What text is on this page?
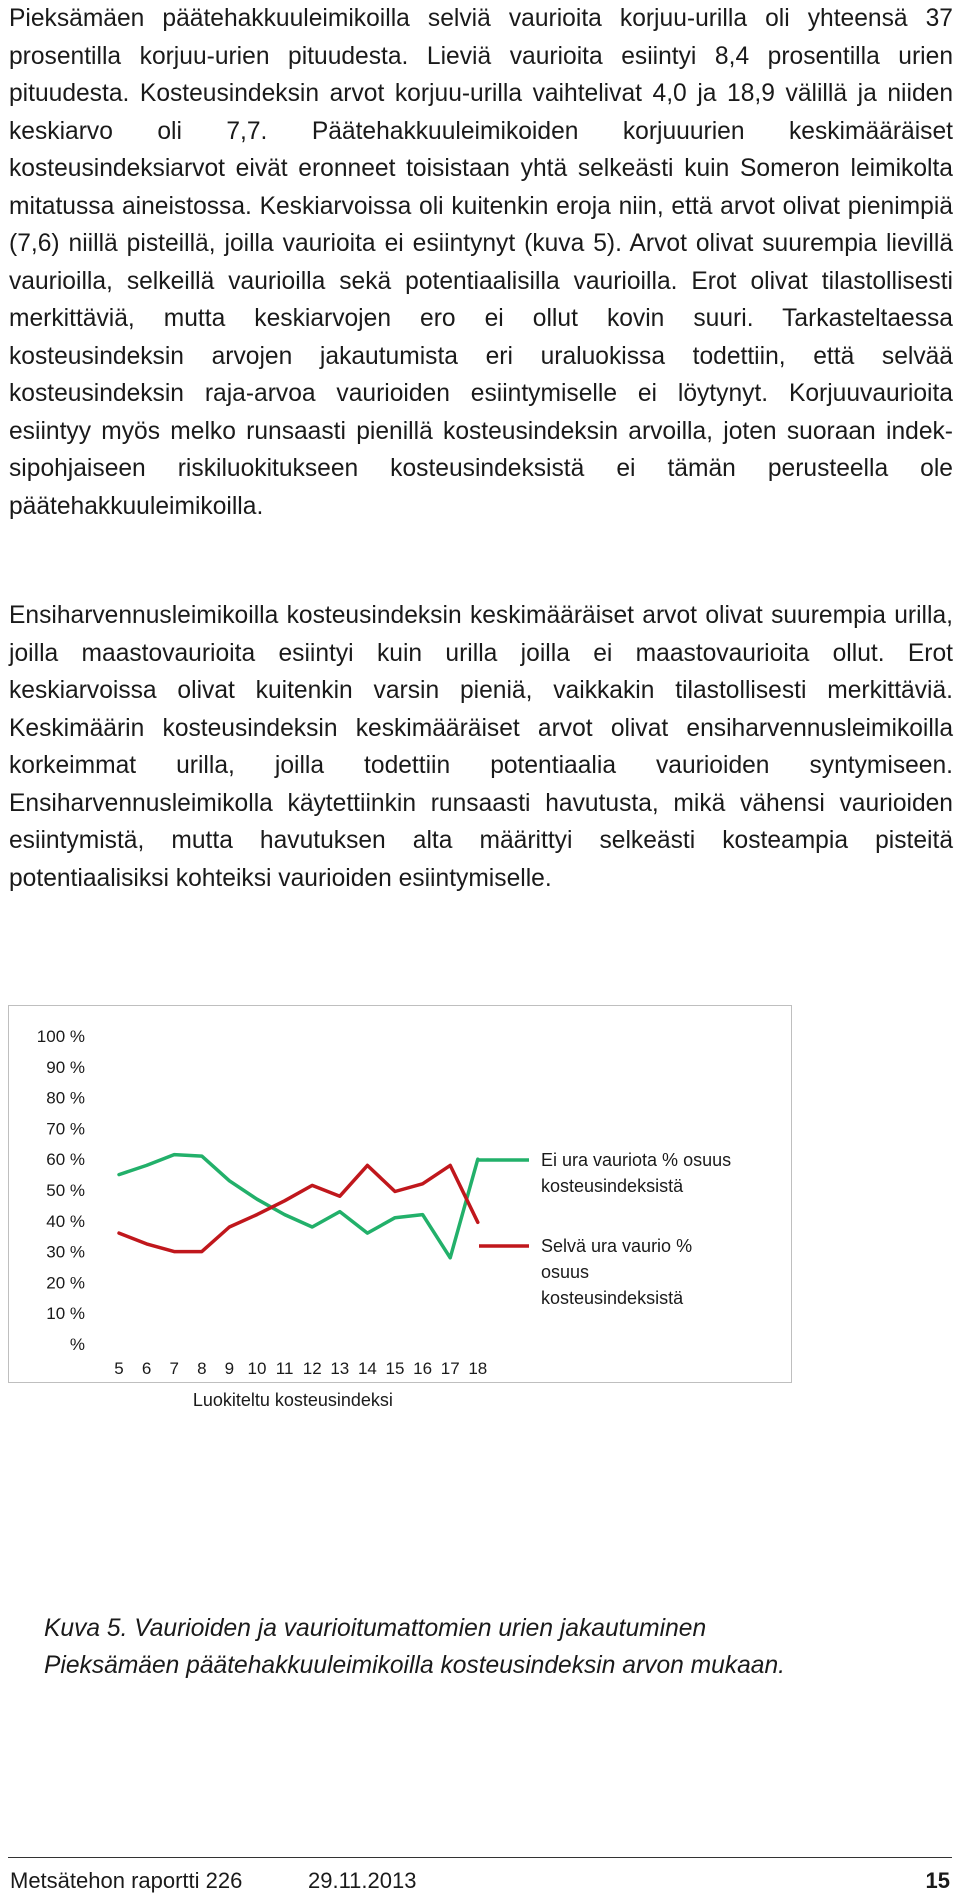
Pieksämäen päätehakkuuleimikoilla selviä vaurioita korjuu-urilla oli yhteensä 37 prosentilla korjuu-urien pituudesta. Lieviä vaurioita esiintyi 8,4 prosentilla urien pituudesta. Kosteusindeksin arvot korjuu-urilla vaihtelivat 4,0 ja 18,9 välillä ja niiden keskiarvo oli 7,7. Päätehakkuuleimikoiden korjuuurien keskimääräiset kosteusindeksiarvot eivät eronneet toisistaan yhtä selkeästi kuin Someron leimikolta mitatussa aineistossa. Keskiarvoissa oli kuitenkin eroja niin, että arvot olivat pienimpiä (7,6) niillä pisteillä, joilla vaurioita ei esiintynyt (kuva 5). Arvot olivat suurempia lievillä vaurioilla, selkeillä vaurioilla sekä potentiaalisilla vaurioilla. Erot olivat tilastollisesti merkittäviä, mutta keskiarvojen ero ei ollut kovin suuri. Tarkasteltaessa kosteusindeksin arvojen jakautumista eri uraluokissa todettiin, että selvää kosteusindeksin raja-arvoa vaurioiden esiintymiselle ei löytynyt. Korjuuvaurioita esiintyy myös melko runsaasti pienillä kosteusindeksin arvoilla, joten suoraan indeksipohjaiseen riskiluokitukseen kosteusindeksistä ei tämän perusteella ole päätehakkuuleimikoilla.

Ensiharvennusleimikoilla kosteusindeksin keskimääräiset arvot olivat suurempia urilla, joilla maastovaurioita esiintyi kuin urilla joilla ei maastovaurioita ollut. Erot keskiarvoissa olivat kuitenkin varsin pieniä, vaikkakin tilastollisesti merkittäviä. Keskimäärin kosteusindeksin keskimääräiset arvot olivat ensiharvennusleimikoilla korkeimmat urilla, joilla todettiin potentiaalia vaurioiden syntymiseen. Ensiharvennusleimikolla käytettiinkin runsaasti havutusta, mikä vähensi vaurioiden esiintymistä, mutta havutuksen alta määrittyi selkeästi kosteampia pisteitä potentiaalisiksi kohteiksi vaurioiden esiintymiselle.

100 %
90 %
80 %
70 %
60 %
50 %
40 %
30 %
20 %
10 %
%
5 6 7 8 9 10 11 12 13 14 15 16 17 18
Luokiteltu kosteusindeksi
Ei ura vauriota % osuus
kosteusindeksistä
Selvä ura vaurio %
osuus
kosteusindeksistä
Kuva 5. Vaurioiden ja vaurioitumattomien urien jakautuminen
Pieksämäen päätehakkuuleimikoilla kosteusindeksin arvon mukaan.
Metsätehon raportti 226	29.11.2013	15
